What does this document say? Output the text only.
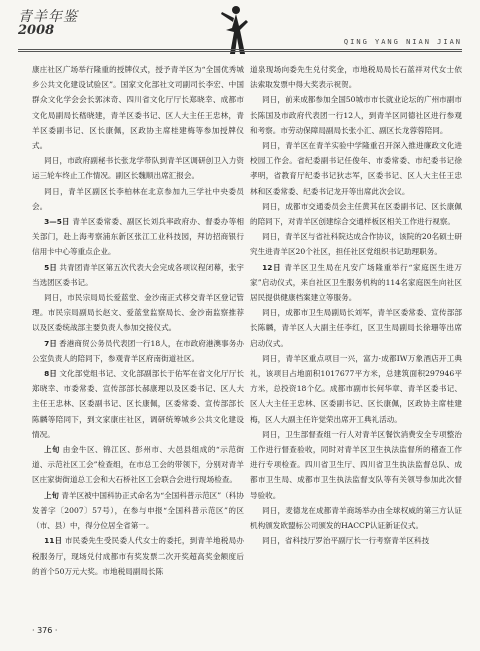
青羊年鉴
2008
QING YANG NIAN JIAN

康庄社区广场举行隆重的授牌仪式，授予青羊区为“全国优秀城乡公共文化建设试验区”。国家文化部社文司副司长李宏、中国群众文化学会会长郭沫奇、四川省文化厅厅长郑晓幸、成都市文化局副局长嵇晓建，青羊区委书记、区人大主任王忠林，青羊区委副书记、区长康佩，区政协主席桂建梅等参加授牌仪式。

同日，市政府副秘书长张龙学带队到青羊区调研创卫入力资运三轮车终止工作情况。副区长魏顺出席汇报会。

同日，青羊区副区长李柏林在北京参加九三学社中央委员会。

3—5日 青羊区委常委、副区长刘兵率政府办、督委办等相关部门，赴上海考察浦东新区张江工业科技园，拜访招商银行信用卡中心等重点企业。

5日 共青团青羊区第五次代表大会完成各项议程闭幕，张宇当选团区委书记。

同日，市民宗局局长爱蓝堂、金沙南正式移交青羊区登记管理。市民宗局副局长赵文、爱蓝堂监察局长、金沙南监察推荐以及区委统战部主要负责人参加交接仪式。

7日 香港商贸公务员代表团一行18人，在市政府港澳事务办公室负责人的陪同下，参观青羊区府南街道社区。

8日 文化部党组书记、文化部副部长于佑军在省文化厅厅长郑晓幸、市委常委、宣传部部长郝康理以及区委书记、区人大主任王忠林、区委副书记、区长康佩，区委常委、宣传部部长陈麟等陪同下，到文家康庄社区，调研统筹城乡公共文化建设情况。

上旬 由金牛区、锦江区、彭州市、大邑县组成的“示范街道、示范社区工会”检查组，在市总工会的带领下，分别对青羊区庄家街街道总工会和大石桥社区工会联合会进行现场检查。

上旬 青羊区被中国科协正式命名为“全国科普示范区”（科协发普字〔2007〕57号），在参与申报“全国科普示范区”的区（市、县）中，得分位居全省第一。

11日 市民委先生受民委人代女士的委托，到青羊地税局办税服务厅，现场兑付成都市有奖发票二次开奖超高奖金额度后的首个50万元大奖。市地税局副局长陈

道泉现场向委先生兑付奖金，市地税局局长石蓝祥对代女士依法索取发票中得大奖表示祝贺。

同日，前来成都参加全国50城市市长就业论坛的广州市副市长陈国及市政府代表团一行12人，到青羊区同德社区进行参观和考察。市劳动保障局副局长张小汇、副区长龙蓉蓉陪同。

同日，青羊区在青羊实验中学隆重召开深入推进廉政文化进校园工作会。省纪委副书记任俊年、市委常委、市纪委书记徐孝明，省教育厅纪委书记狄志军，区委书记、区人大主任王忠林和区委常委、纪委书记龙开等出席此次会议。

同日，成都市交通委员会主任黄其在区委副书记、区长康佩的陪同下，对青羊区创建综合交通样板区相关工作进行视察。

同日，青羊区与省社科院达成合作协议，该院的20名硕士研究生进青羊区20个社区，担任社区党组织书记助理职务。

12日 青羊区卫生局在凡安广场隆重举行“家庭医生进万家”启动仪式，来自社区卫生服务机构的114名家庭医生向社区居民提供健康档案建立等服务。

同日，成都市卫生局副局长刘军，青羊区委常委、宣传部部长陈麟，青羊区人大副主任李红，区卫生局副局长徐珊等出席启动仪式。

同日，青羊区重点项目一兴，富力·成都IW万象酒店开工典礼，该项目占地面积1017677平方米，总建筑面积297946平方米，总投资18个亿。成都市副市长何华章、青羊区委书记、区人大主任王忠林、区委副书记、区长康佩，区政协主席桂建梅，区人大副主任许觉荣出席开工典礼活动。

同日，卫生部督查组一行人对青羊区餐饮消费安全专项整治工作进行督查验收，同时对青羊区卫生执法监督所的稽查工作进行专项检查。四川省卫生厅、四川省卫生执法监督总队、成都市卫生局、成都市卫生执法监督支队等有关领导参加此次督导验收。

同日，麦德龙在成都青羊商场举办由全球权威的第三方认证机构颁发欧盟标公司颁发的HACCP认证新证仪式。

同日，省科技厅罗治平副厅长一行考察青羊区科技

· 376 ·
